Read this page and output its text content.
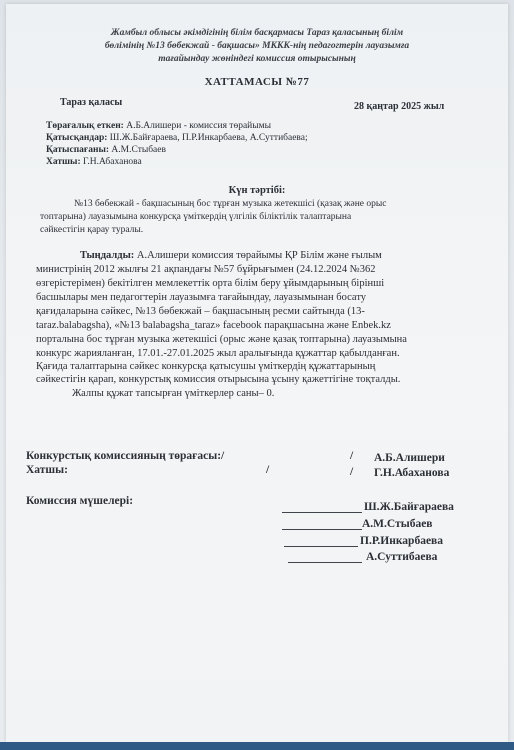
Жамбыл облысы әкімдігінің білім басқармасы Тараз қаласының білім
бөлімінің №13 бөбекжай - бақшасы» МККК-нің педагогтерін лауазымға
тағайындау жөніндегі комиссия отырысының
ХАТТАМАСЫ №77
Тараз қаласы	28 қаңтар 2025 жыл
Төрағалық еткен: А.Б.Алишери - комиссия төрайымы
Қатысқандар: Ш.Ж.Байғараева, П.Р.Инкарбаева, А.Суттибаева;
Қатыспағаны: А.М.Стыбаев
Хатшы: Г.Н.Абаханова
Күн тәртібі:
№13 бөбекжай - бақшасының бос тұрған музыка жетекшісі (қазақ және орыс
топтарына) лауазымына конкурсқа үміткердің үлгілік біліктілік талаптарына
сәйкестігін қарау туралы.
Тыңдалды: А.Алишери комиссия төрайымы ҚР Білім және ғылым
министрінің 2012 жылғы 21 ақпандағы №57 бұйрығымен (24.12.2024 №362
өзгерістерімен) бекітілген мемлекеттік орта білім беру ұйымдарының бірінші
басшылары мен педагогтерін лауазымға тағайындау, лауазымынан босату
қағидаларына сәйкес, №13 бөбекжай – бақшасының ресми сайтында (13-
taraz.balabagsha), «№13 balabagsha_taraz» facebook парақшасына және Enbek.kz
порталына бос тұрған музыка жетекшісі (орыс және қазақ топтарына) лауазымына
конкурс жарияланған, 17.01.-27.01.2025 жыл аралығында құжаттар қабылданған.
Қағида талаптарына сәйкес конкурсқа қатысушы үміткердің құжаттарының
сәйкестігін қарап, конкурстық комиссия отырысына ұсыну қажеттігіне тоқталды.
Жалпы құжат тапсырған үміткерлер саны– 0.
Конкурстық комиссияның төрағасы:/	/ А.Б.Алишери
Хатшы:	/	/ Г.Н.Абаханова
Комиссия мүшелері:	Ш.Ж.Байғараева
А.М.Стыбаев
П.Р.Инкарбаева
А.Суттибаева
